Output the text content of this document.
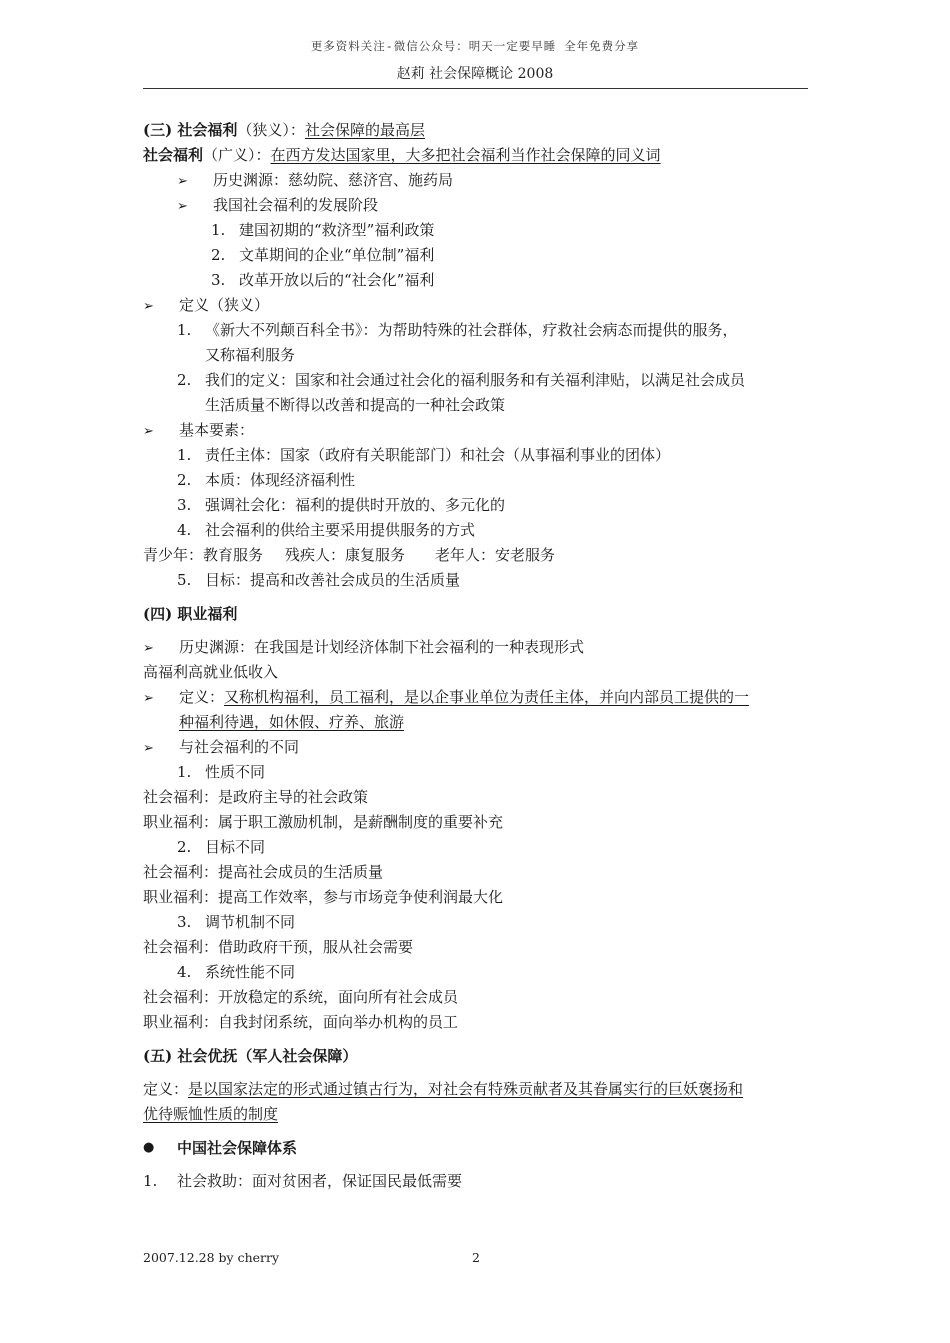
更多资料关注-微信公众号：明天一定要早睡 全年免费分享
赵莉 社会保障概论 2008
(三) 社会福利（狭义）：社会保障的最高层
社会福利（广义）：在西方发达国家里，大多把社会福利当作社会保障的同义词
➢ 历史渊源：慈幼院、慈济宫、施药局
➢ 我国社会福利的发展阶段
1. 建国初期的“救济型”福利政策
2. 文革期间的企业“单位制”福利
3. 改革开放以后的“社会化”福利
➢ 定义（狭义）
1. 《新大不列颠百科全书》：为帮助特殊的社会群体，疗救社会病态而提供的服务，
又称福利服务
2. 我们的定义：国家和社会通过社会化的福利服务和有关福利津贴，以满足社会成员
生活质量不断得以改善和提高的一种社会政策
➢ 基本要素：
1. 责任主体：国家（政府有关职能部门）和社会（从事福利事业的团体）
2. 本质：体现经济福利性
3. 强调社会化：福利的提供时开放的、多元化的
4. 社会福利的供给主要采用提供服务的方式
青少年：教育服务 残疾人：康复服务 老年人：安老服务
5. 目标：提高和改善社会成员的生活质量
(四) 职业福利
➢ 历史渊源：在我国是计划经济体制下社会福利的一种表现形式
高福利高就业低收入
➢ 定义：又称机构福利，员工福利，是以企事业单位为责任主体，并向内部员工提供的一
种福利待遇，如休假、疗养、旅游
➢ 与社会福利的不同
1. 性质不同
社会福利：是政府主导的社会政策
职业福利：属于职工激励机制，是薪酬制度的重要补充
2. 目标不同
社会福利：提高社会成员的生活质量
职业福利：提高工作效率，参与市场竞争使利润最大化
3. 调节机制不同
社会福利：借助政府干预，服从社会需要
4. 系统性能不同
社会福利：开放稳定的系统，面向所有社会成员
职业福利：自我封闭系统，面向举办机构的员工
(五) 社会优抚（军人社会保障）
定义：是以国家法定的形式通过镇古行为，对社会有特殊贡献者及其眷属实行的巨妖褒扬和
优待赈恤性质的制度
● 中国社会保障体系
1. 社会救助：面对贫困者，保证国民最低需要
2007.12.28 by cherry	2
